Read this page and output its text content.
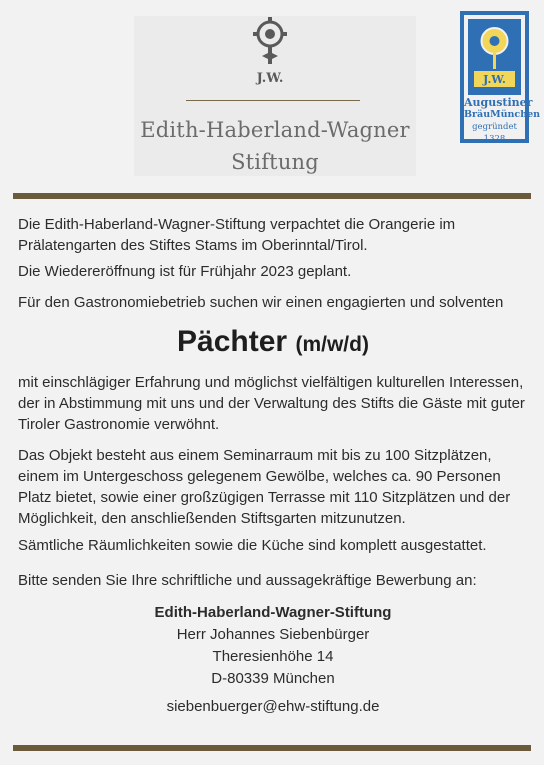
J.W.
Edith-Haberland-Wagner
Stiftung
J.W.
Augustiner
BräuMünchen
gegründet 1328

Die Edith-Haberland-Wagner-Stiftung verpachtet die Orangerie im Prälatengarten des Stiftes Stams im Oberinntal/Tirol.

Die Wiedereröffnung ist für Frühjahr 2023 geplant.

Für den Gastronomiebetrieb suchen wir einen engagierten und solventen

Pächter (m/w/d)

mit einschlägiger Erfahrung und möglichst vielfältigen kulturellen Interessen, der in Abstimmung mit uns und der Verwaltung des Stifts die Gäste mit guter Tiroler Gastronomie verwöhnt.

Das Objekt besteht aus einem Seminarraum mit bis zu 100 Sitzplätzen, einem im Untergeschoss gelegenem Gewölbe, welches ca. 90 Personen Platz bietet, sowie einer großzügigen Terrasse mit 110 Sitzplätzen und der Möglichkeit, den anschließenden Stiftsgarten mitzunutzen.

Sämtliche Räumlichkeiten sowie die Küche sind komplett ausgestattet.

Bitte senden Sie Ihre schriftliche und aussagekräftige Bewerbung an:

Edith-Haberland-Wagner-Stiftung
Herr Johannes Siebenbürger
Theresienhöhe 14
D-80339 München
siebenbuerger@ehw-stiftung.de
